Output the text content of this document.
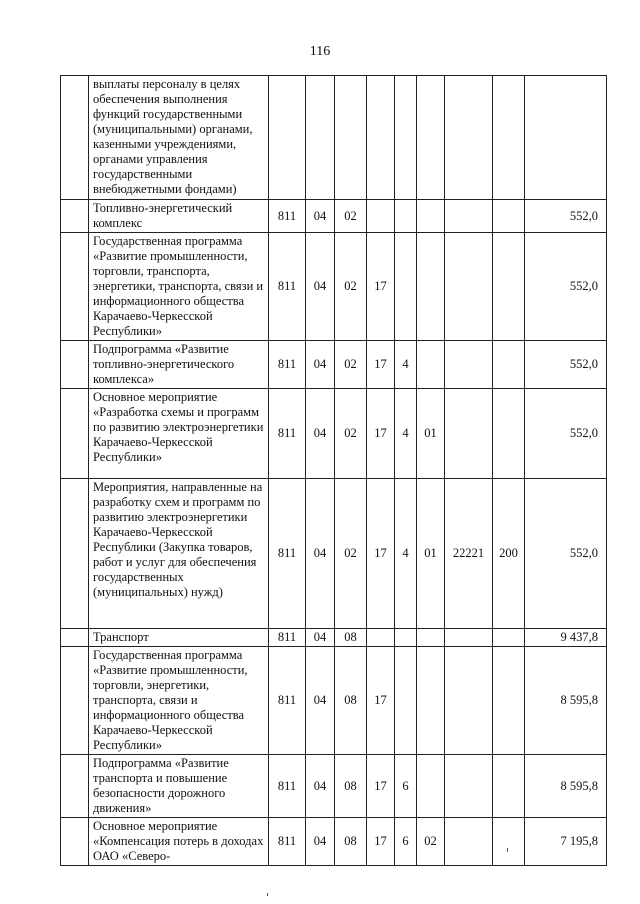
116
	выплаты персоналу в целях обеспечения выполнения функций государственными (муниципальными) органами, казенными учреждениями, органами управления государственными внебюджетными фондами)									
	Топливно-энергетический комплекс	811	04	02						552,0
	Государственная программа «Развитие промышленности, торговли, транспорта, энергетики, транспорта, связи и информационного общества Карачаево-Черкесской Республики»	811	04	02	17					552,0
	Подпрограмма «Развитие топливно-энергетического комплекса»	811	04	02	17	4				552,0
	Основное мероприятие «Разработка схемы и программ по развитию электроэнергетики Карачаево-Черкесской Республики»	811	04	02	17	4	01			552,0
	Мероприятия, направленные на разработку схем и программ по развитию электроэнергетики Карачаево-Черкесской Республики (Закупка товаров, работ и услуг для обеспечения государственных (муниципальных) нужд)	811	04	02	17	4	01	22221	200	552,0
	Транспорт	811	04	08						9 437,8
	Государственная программа «Развитие промышленности, торговли, энергетики, транспорта, связи и информационного общества Карачаево-Черкесской Республики»	811	04	08	17					8 595,8
	Подпрограмма «Развитие транспорта и повышение безопасности дорожного движения»	811	04	08	17	6				8 595,8
	Основное мероприятие «Компенсация потерь в доходах ОАО «Северо-	811	04	08	17	6	02			7 195,8
